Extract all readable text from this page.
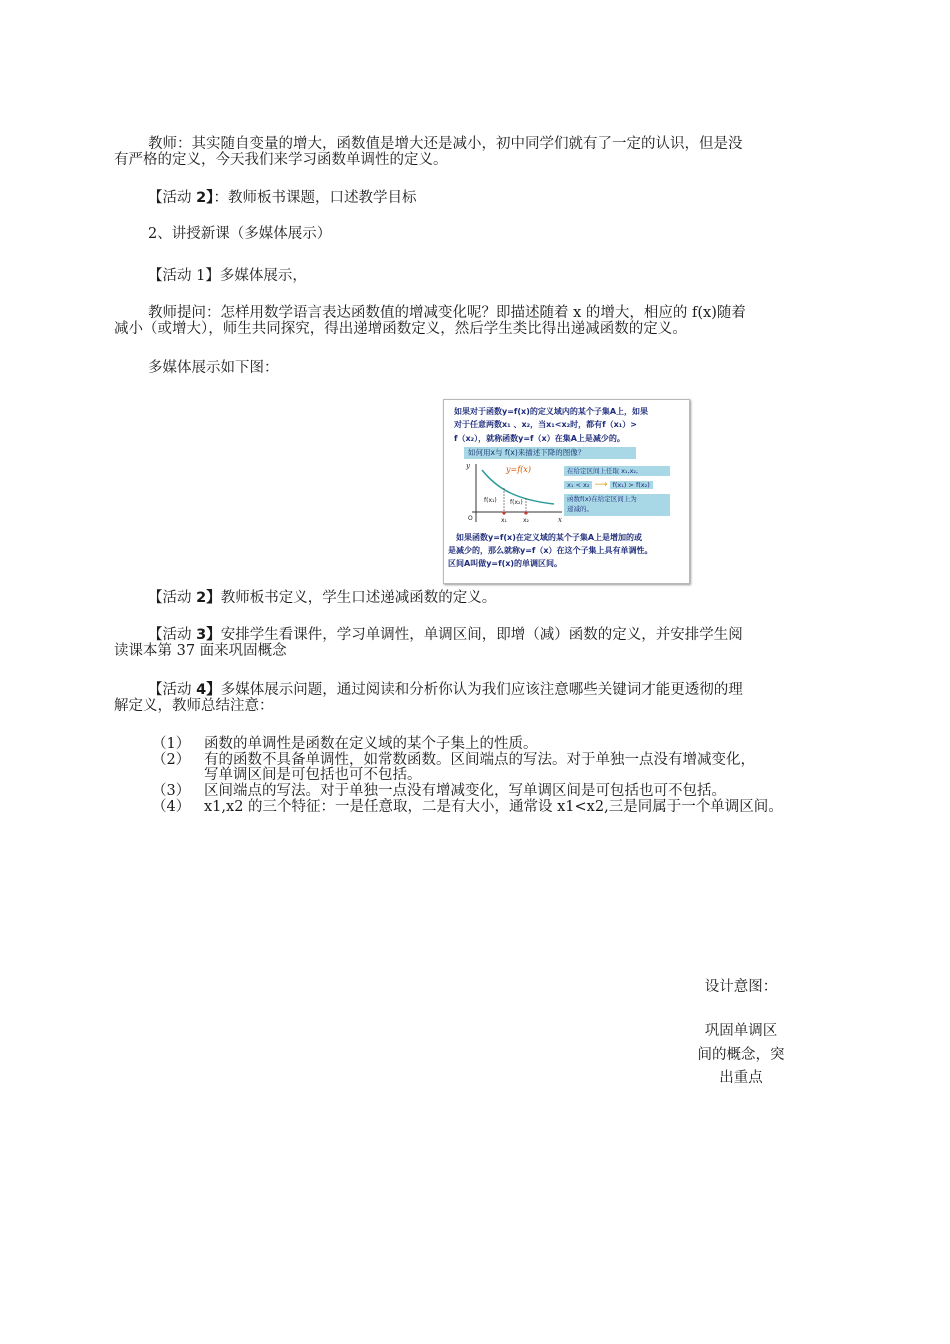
教师：其实随自变量的增大，函数值是增大还是减小，初中同学们就有了一定的认识，但是没
有严格的定义，今天我们来学习函数单调性的定义。
【活动 2】：教师板书课题，口述教学目标
2、讲授新课（多媒体展示）
【活动 1】多媒体展示，
教师提问：怎样用数学语言表达函数值的增减变化呢？即描述随着 x 的增大，相应的 f(x)随着
减小（或增大），师生共同探究，得出递增函数定义，然后学生类比得出递减函数的定义。
多媒体展示如下图：
如果对于函数y=f(x)的定义域内的某个子集A上，如果
对于任意两数x₁ 、x₂，当x₁<x₂时，都有f（x₁）>
f（x₂），就称函数y=f（x）在集A上是减少的。
如何用x与 f(x)来描述下降的图像？
y
x
O
y=f(x)
f(x₁) f(x₂)
x₁	x₂
在给定区间上任取 x₁,x₂,
x₁ < x₂ ⟶ f(x₁) > f(x₂)
函数f(x)在给定区间上为
递减的。
如果函数y=f(x)在定义域的某个子集A上是增加的或
是减少的，那么就称y=f（x）在这个子集上具有单调性。
区间A叫做y=f(x)的单调区间。
【活动 2】教师板书定义，学生口述递减函数的定义。
【活动 3】安排学生看课件，学习单调性，单调区间，即增（减）函数的定义，并安排学生阅
读课本第 37 面来巩固概念
【活动 4】多媒体展示问题，通过阅读和分析你认为我们应该注意哪些关键词才能更透彻的理
解定义，教师总结注意：
（1） 函数的单调性是函数在定义域的某个子集上的性质。
（2） 有的函数不具备单调性，如常数函数。区间端点的写法。对于单独一点没有增减变化，
写单调区间是可包括也可不包括。
（3） 区间端点的写法。对于单独一点没有增减变化，写单调区间是可包括也可不包括。
（4） x1,x2 的三个特征：一是任意取，二是有大小，通常设 x1<x2,三是同属于一个单调区间。
设计意图：
巩固单调区
间的概念，突
出重点
